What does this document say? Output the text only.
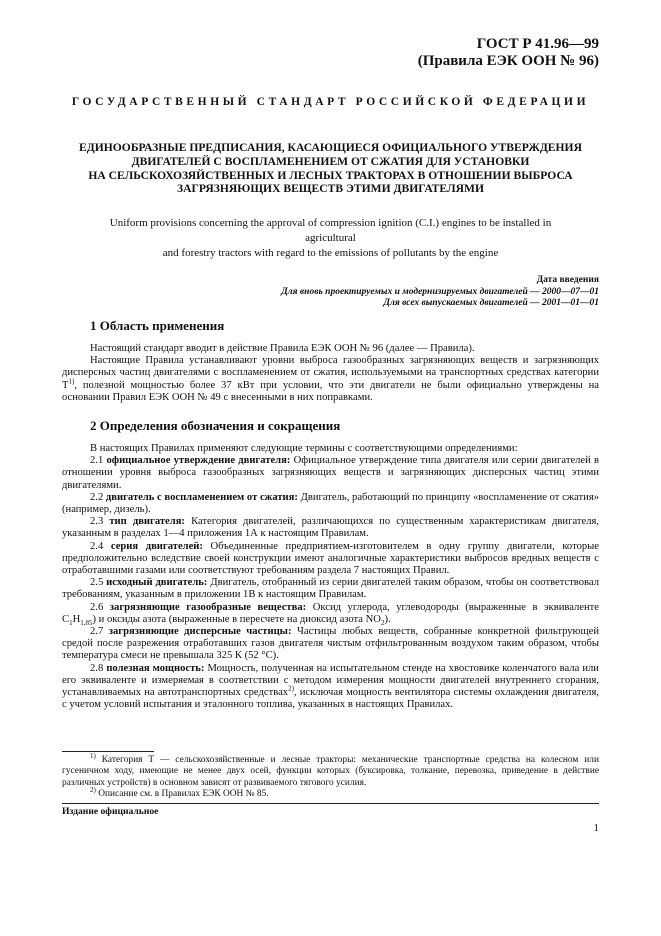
ГОСТ Р 41.96—99
(Правила ЕЭК ООН № 96)
ГОСУДАРСТВЕННЫЙ СТАНДАРТ РОССИЙСКОЙ ФЕДЕРАЦИИ
ЕДИНООБРАЗНЫЕ ПРЕДПИСАНИЯ, КАСАЮЩИЕСЯ ОФИЦИАЛЬНОГО УТВЕРЖДЕНИЯ
ДВИГАТЕЛЕЙ С ВОСПЛАМЕНЕНИЕМ ОТ СЖАТИЯ ДЛЯ УСТАНОВКИ
НА СЕЛЬСКОХОЗЯЙСТВЕННЫХ И ЛЕСНЫХ ТРАКТОРАХ В ОТНОШЕНИИ ВЫБРОСА
ЗАГРЯЗНЯЮЩИХ ВЕЩЕСТВ ЭТИМИ ДВИГАТЕЛЯМИ
Uniform provisions concerning the approval of compression ignition (C.I.) engines to be installed in agricultural
and forestry tractors with regard to the emissions of pollutants by the engine
Дата введения
Для вновь проектируемых и модернизируемых двигателей — 2000—07—01
Для всех выпускаемых двигателей — 2001—01—01
1 Область применения

Настоящий стандарт вводит в действие Правила ЕЭК ООН № 96 (далее — Правила).

Настоящие Правила устанавливают уровни выброса газообразных загрязняющих веществ и загрязняющих дисперсных частиц двигателями с воспламенением от сжатия, используемыми на транспортных средствах категории $Т^{1)}$, полезной мощностью более 37 кВт при условии, что эти двигатели не были официально утверждены на основании Правил ЕЭК ООН № 49 с внесенными в них поправками.

2 Определения обозначения и сокращения

В настоящих Правилах применяют следующие термины с соответствующими определениями:

2.1 официальное утверждение двигателя: Официальное утверждение типа двигателя или серии двигателей в отношении уровня выброса газообразных загрязняющих веществ и загрязняющих дисперсных частиц этими двигателями.

2.2 двигатель с воспламенением от сжатия: Двигатель, работающий по принципу «воспламенение от сжатия» (например, дизель).

2.3 тип двигателя: Категория двигателей, различающихся по существенным характеристикам двигателя, указанным в разделах 1—4 приложения 1А к настоящим Правилам.

2.4 серия двигателей: Объединенные предприятием-изготовителем в одну группу двигатели, которые предположительно вследствие своей конструкции имеют аналогичные характеристики выбросов вредных веществ с отработавшими газами или соответствуют требованиям раздела 7 настоящих Правил.

2.5 исходный двигатель: Двигатель, отобранный из серии двигателей таким образом, чтобы он соответствовал требованиям, указанным в приложении 1В к настоящим Правилам.

2.6 загрязняющие газообразные вещества: Оксид углерода, углеводороды (выраженные в эквиваленте $C_1H_{1,85}$) и оксиды азота (выраженные в пересчете на диоксид азота $NO_2$).

2.7 загрязняющие дисперсные частицы: Частицы любых веществ, собранные конкретной фильтрующей средой после разрежения отработавших газов двигателя чистым отфильтрованным воздухом таким образом, чтобы температура смеси не превышала 325 К (52 °С).

2.8 полезная мощность: Мощность, полученная на испытательном стенде на хвостовике коленчатого вала или его эквиваленте и измеряемая в соответствии с методом измерения мощности двигателей внутреннего сгорания, устанавливаемых на автотранспортных средствах$^{2)}$, исключая мощность вентилятора системы охлаждения двигателя, с учетом условий испытания и эталонного топлива, указанных в настоящих Правилах.

$^{1)}$ Категория Т — сельскохозяйственные и лесные тракторы: механические транспортные средства на колесном или гусеничном ходу, имеющие не менее двух осей, функции которых (буксировка, толкание, перевозка, приведение в действие различных устройств) в основном зависят от развиваемого тягового усилия.

$^{2)}$ Описание см. в Правилах ЕЭК ООН № 85.

Издание официальное
1
